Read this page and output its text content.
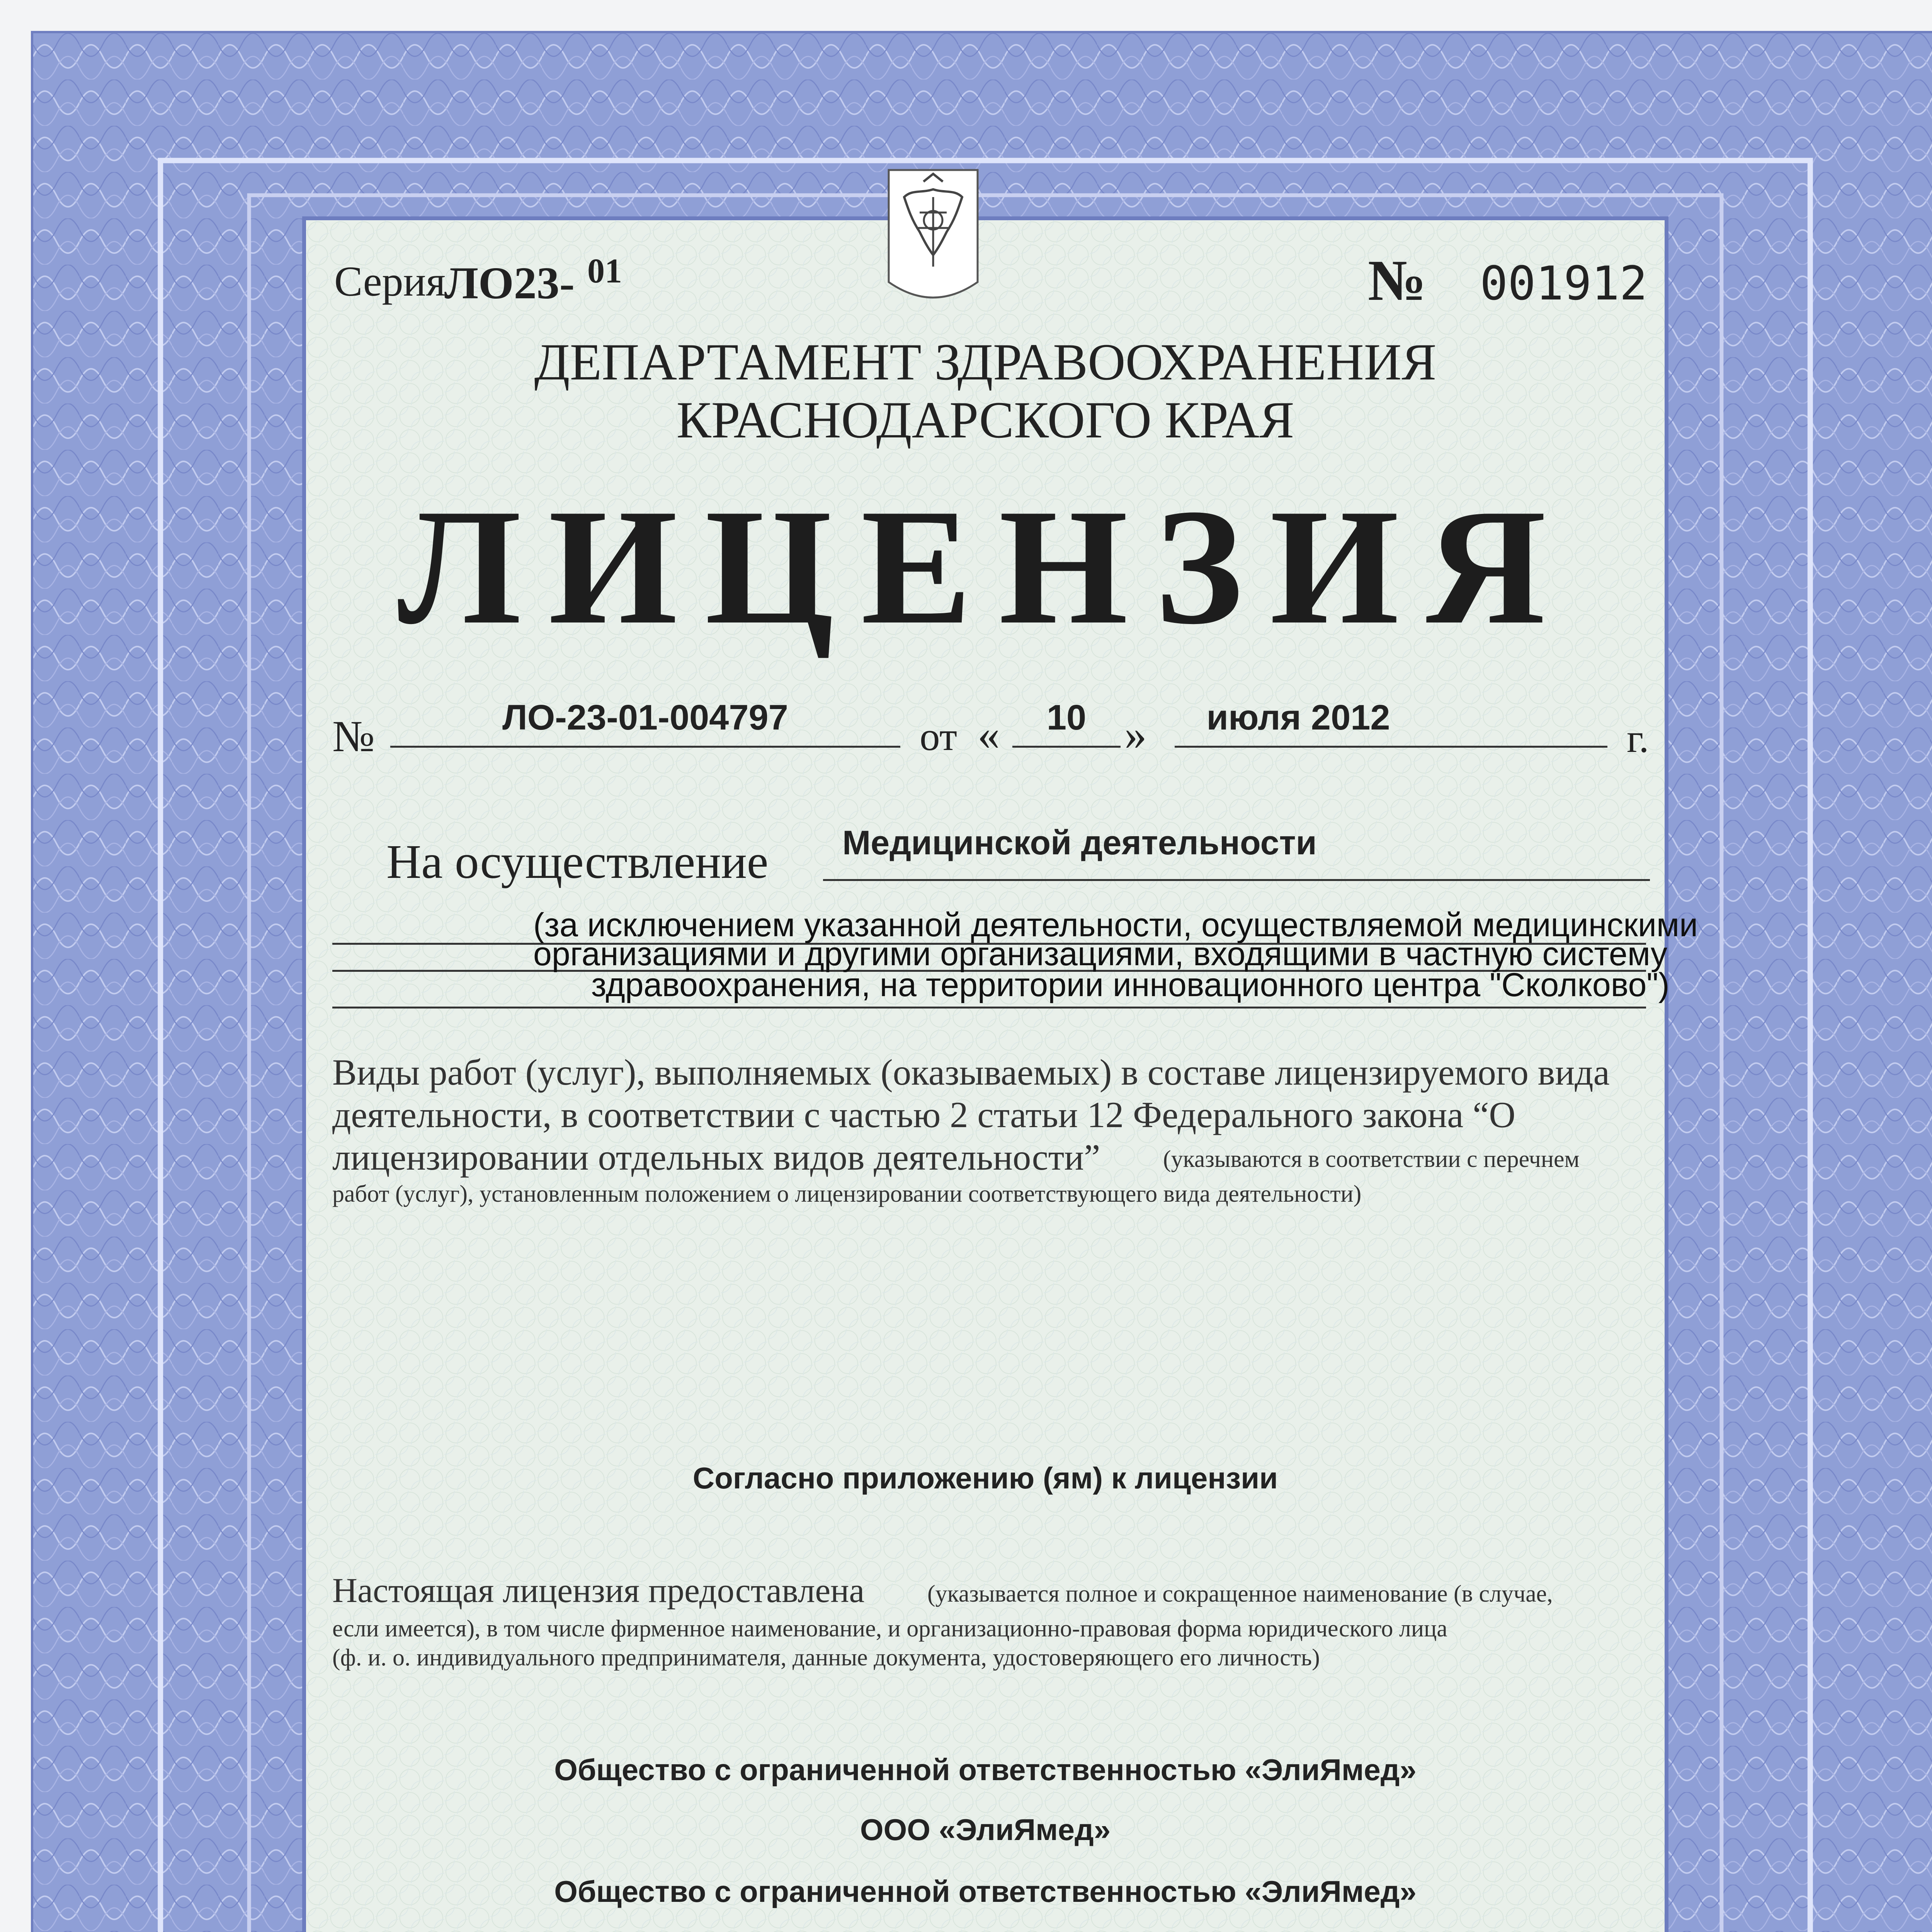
Серия
ЛО23- 01	№ 001912
ДЕПАРТАМЕНТ ЗДРАВООХРАНЕНИЯ
КРАСНОДАРСКОГО КРАЯ
ЛИЦЕНЗИЯ
№	ЛО-23-01-004797	от «	10 »	июля 2012	г.
На осуществление Медицинской деятельности
(за исключением указанной деятельности, осуществляемой медицинскими
организациями и другими организациями, входящими в частную систему
здравоохранения, на территории инновационного центра "Сколково")
Виды работ (услуг), выполняемых (оказываемых) в составе лицензируемого вида
деятельности, в соответствии с частью 2 статьи 12 Федерального закона “О
лицензировании отдельных видов деятельности”	(указываются в соответствии с перечнем
работ (услуг), установленным положением о лицензировании соответствующего вида деятельности)
Согласно приложению (ям) к лицензии
Настоящая лицензия предоставлена	(указывается полное и сокращенное наименование (в случае,
если имеется), в том числе фирменное наименование, и организационно-правовая форма юридического лица
(ф. и. о. индивидуального предпринимателя, данные документа, удостоверяющего его личность)
Общество с ограниченной ответственностью «ЭлиЯмед»
ООО «ЭлиЯмед»
Общество с ограниченной ответственностью «ЭлиЯмед»
